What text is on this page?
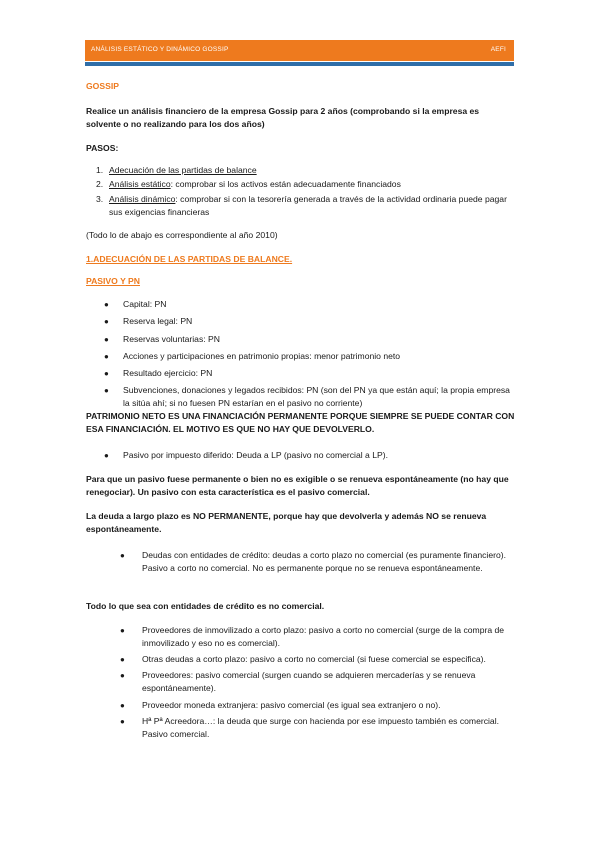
ANÁLISIS ESTÁTICO Y DINÁMICO GOSSIP	AEFI

GOSSIP

Realice un análisis financiero de la empresa Gossip para 2 años (comprobando si la empresa es solvente o no realizando para los dos años)

PASOS:

1. Adecuación de las partidas de balance
2. Análisis estático: comprobar si los activos están adecuadamente financiados
3. Análisis dinámico: comprobar si con la tesorería generada a través de la actividad ordinaria puede pagar sus exigencias financieras

(Todo lo de abajo es correspondiente al año 2010)

1.ADECUACIÓN DE LAS PARTIDAS DE BALANCE.

PASIVO Y PN

● Capital: PN
● Reserva legal: PN
● Reservas voluntarias: PN
● Acciones y participaciones en patrimonio propias: menor patrimonio neto
● Resultado ejercicio: PN
● Subvenciones, donaciones y legados recibidos: PN (son del PN ya que están aquí; la propia empresa la sitúa ahí; si no fuesen PN estarían en el pasivo no corriente)

PATRIMONIO NETO ES UNA FINANCIACIÓN PERMANENTE PORQUE SIEMPRE SE PUEDE CONTAR CON ESA FINANCIACIÓN. EL MOTIVO ES QUE NO HAY QUE DEVOLVERLO.

● Pasivo por impuesto diferido: Deuda a LP (pasivo no comercial a LP).

Para que un pasivo fuese permanente o bien no es exigible o se renueva espontáneamente (no hay que renegociar). Un pasivo con esta característica es el pasivo comercial.

La deuda a largo plazo es NO PERMANENTE, porque hay que devolverla y además NO se renueva espontáneamente.

● Deudas con entidades de crédito: deudas a corto plazo no comercial (es puramente financiero). Pasivo a corto no comercial. No es permanente porque no se renueva espontáneamente.

Todo lo que sea con entidades de crédito es no comercial.

● Proveedores de inmovilizado a corto plazo: pasivo a corto no comercial (surge de la compra de inmovilizado y eso no es comercial).
● Otras deudas a corto plazo: pasivo a corto no comercial (si fuese comercial se especifica).
● Proveedores: pasivo comercial (surgen cuando se adquieren mercaderías y se renueva espontáneamente).
● Proveedor moneda extranjera: pasivo comercial (es igual sea extranjero o no).
● Hª Pª Acreedora…: la deuda que surge con hacienda por ese impuesto también es comercial. Pasivo comercial.
